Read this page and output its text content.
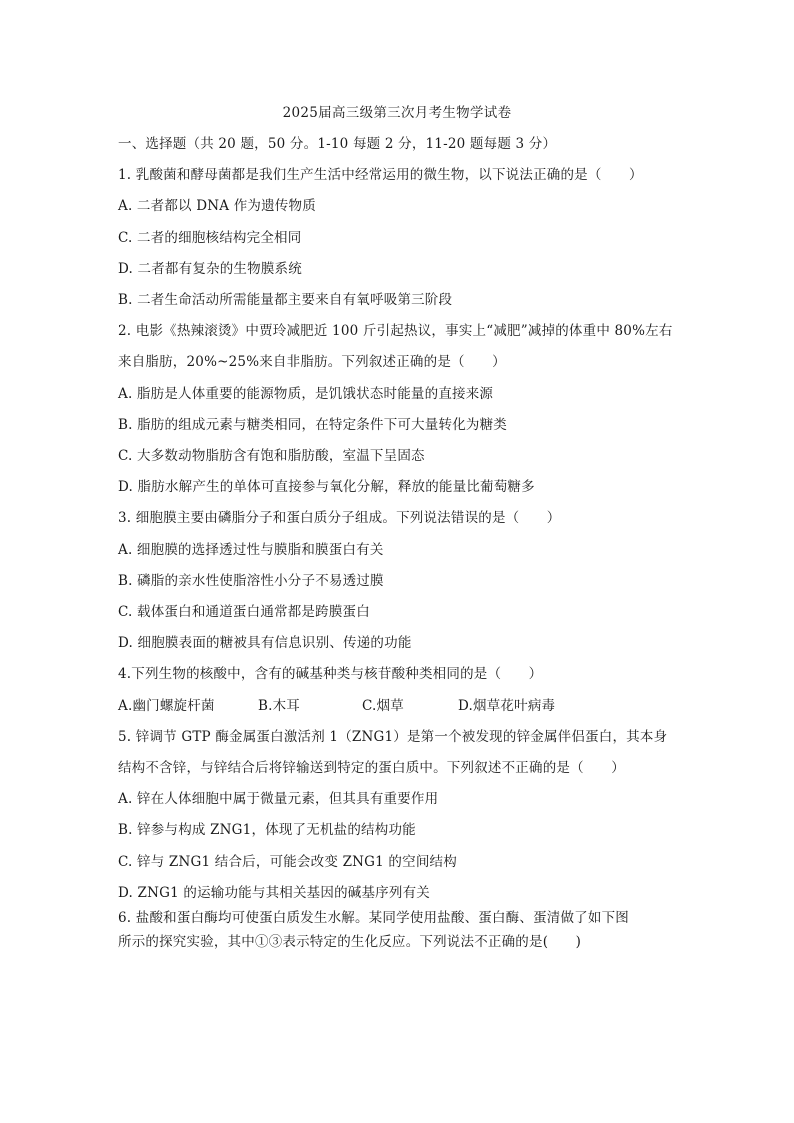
2025届高三级第三次月考生物学试卷
一、选择题（共 20 题，50 分。1-10 每题 2 分，11-20 题每题 3 分）
1. 乳酸菌和酵母菌都是我们生产生活中经常运用的微生物，以下说法正确的是（　　）
A. 二者都以 DNA 作为遗传物质
C. 二者的细胞核结构完全相同
D. 二者都有复杂的生物膜系统
B. 二者生命活动所需能量都主要来自有氧呼吸第三阶段
2. 电影《热辣滚烫》中贾玲减肥近 100 斤引起热议，事实上“减肥”减掉的体重中 80%左右
来自脂肪，20%~25%来自非脂肪。下列叙述正确的是（　　）
A. 脂肪是人体重要的能源物质，是饥饿状态时能量的直接来源
B. 脂肪的组成元素与糖类相同，在特定条件下可大量转化为糖类
C. 大多数动物脂肪含有饱和脂肪酸，室温下呈固态
D. 脂肪水解产生的单体可直接参与氧化分解，释放的能量比葡萄糖多
3. 细胞膜主要由磷脂分子和蛋白质分子组成。下列说法错误的是（　　）
A. 细胞膜的选择透过性与膜脂和膜蛋白有关
B. 磷脂的亲水性使脂溶性小分子不易透过膜
C. 载体蛋白和通道蛋白通常都是跨膜蛋白
D. 细胞膜表面的糖被具有信息识别、传递的功能
4.下列生物的核酸中，含有的碱基种类与核苷酸种类相同的是（　　）
A.幽门螺旋杆菌	B.木耳	C.烟草	D.烟草花叶病毒
5. 锌调节 GTP 酶金属蛋白激活剂 1（ZNG1）是第一个被发现的锌金属伴侣蛋白，其本身
结构不含锌，与锌结合后将锌输送到特定的蛋白质中。下列叙述不正确的是（　　）
A. 锌在人体细胞中属于微量元素，但其具有重要作用
B. 锌参与构成 ZNG1，体现了无机盐的结构功能
C. 锌与 ZNG1 结合后，可能会改变 ZNG1 的空间结构
D. ZNG1 的运输功能与其相关基因的碱基序列有关
6. 盐酸和蛋白酶均可使蛋白质发生水解。某同学使用盐酸、蛋白酶、蛋清做了如下图
所示的探究实验，其中①③表示特定的生化反应。下列说法不正确的是(　　)
